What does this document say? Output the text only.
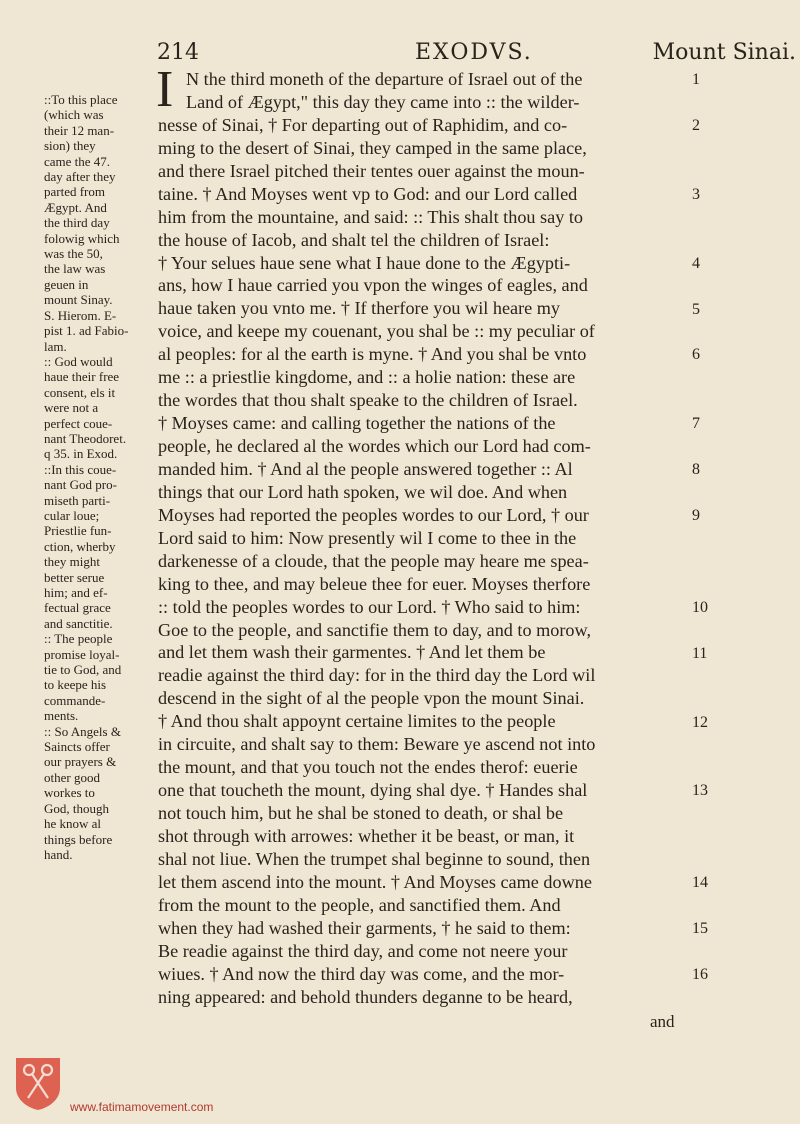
214	EXODVS.	Mount Sinai.
I
::To this place
(which was
their 12 man-
sion) they
came the 47.
day after they
parted from
Ægypt. And
the third day
folowig which
was the 50,
the law was
geuen in
mount Sinay.
S. Hierom. E-
pist 1. ad Fabio-
lam.
:: God would
haue their free
consent, els it
were not a
perfect coue-
nant Theodoret.
q 35. in Exod.
::In this coue-
nant God pro-
miseth parti-
cular loue;
Priestlie fun-
ction, wherby
they might
better serue
him; and ef-
fectual grace
and sanctitie.
:: The people
promise loyal-
tie to God, and
to keepe his
commande-
ments.
:: So Angels &
Saincts offer
our prayers &
other good
workes to
God, though
he know al
things before
hand.
N the third moneth of the departure of Israel out of the
Land of Ægypt," this day they came into :: the wilder-
nesse of Sinai, † For departing out of Raphidim, and co-
ming to the desert of Sinai, they camped in the same place,
and there Israel pitched their tentes ouer against the moun-
taine. † And Moyses went vp to God: and our Lord called
him from the mountaine, and said: :: This shalt thou say to
the house of Iacob, and shalt tel the children of Israel:
† Your selues haue sene what I haue done to the Ægypti-
ans, how I haue carried you vpon the winges of eagles, and
haue taken you vnto me. † If therfore you wil heare my
voice, and keepe my couenant, you shal be :: my peculiar of
al peoples: for al the earth is myne. † And you shal be vnto
me :: a priestlie kingdome, and :: a holie nation: these are
the wordes that thou shalt speake to the children of Israel.
† Moyses came: and calling together the nations of the
people, he declared al the wordes which our Lord had com-
manded him. † And al the people answered together :: Al
things that our Lord hath spoken, we wil doe. And when
Moyses had reported the peoples wordes to our Lord, † our
Lord said to him: Now presently wil I come to thee in the
darkenesse of a cloude, that the people may heare me spea-
king to thee, and may beleue thee for euer. Moyses therfore
:: told the peoples wordes to our Lord. † Who said to him:
Goe to the people, and sanctifie them to day, and to morow,
and let them wash their garmentes. † And let them be
readie against the third day: for in the third day the Lord wil
descend in the sight of al the people vpon the mount Sinai.
† And thou shalt appoynt certaine limites to the people
in circuite, and shalt say to them: Beware ye ascend not into
the mount, and that you touch not the endes therof: euerie
one that toucheth the mount, dying shal dye. † Handes shal
not touch him, but he shal be stoned to death, or shal be
shot through with arrowes: whether it be beast, or man, it
shal not liue. When the trumpet shal beginne to sound, then
let them ascend into the mount. † And Moyses came downe
from the mount to the people, and sanctified them. And
when they had washed their garments, † he said to them:
Be readie against the third day, and come not neere your
wiues. † And now the third day was come, and the mor-
ning appeared: and behold thunders deganne to be heard,
1
2
3
4
5
6
7
8
9
10
11
12
13
14
15
16
and
www.fatimamovement.com
